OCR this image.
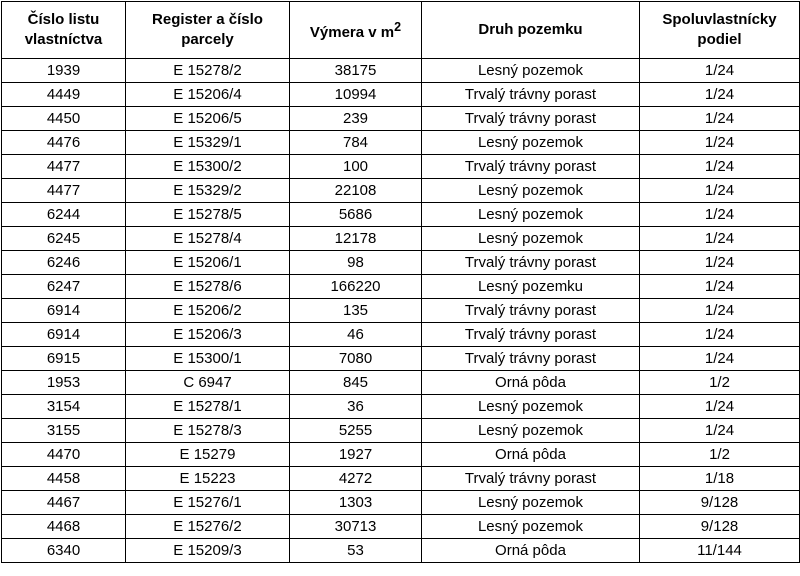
Číslo listu vlastníctva	Register a číslo parcely	Výmera v $m^2$	Druh pozemku	Spoluvlastnícky podiel
1939	E 15278/2	38175	Lesný pozemok	1/24
4449	E 15206/4	10994	Trvalý trávny porast	1/24
4450	E 15206/5	239	Trvalý trávny porast	1/24
4476	E 15329/1	784	Lesný pozemok	1/24
4477	E 15300/2	100	Trvalý trávny porast	1/24
4477	E 15329/2	22108	Lesný pozemok	1/24
6244	E 15278/5	5686	Lesný pozemok	1/24
6245	E 15278/4	12178	Lesný pozemok	1/24
6246	E 15206/1	98	Trvalý trávny porast	1/24
6247	E 15278/6	166220	Lesný pozemku	1/24
6914	E 15206/2	135	Trvalý trávny porast	1/24
6914	E 15206/3	46	Trvalý trávny porast	1/24
6915	E 15300/1	7080	Trvalý trávny porast	1/24
1953	C 6947	845	Orná pôda	1/2
3154	E 15278/1	36	Lesný pozemok	1/24
3155	E 15278/3	5255	Lesný pozemok	1/24
4470	E 15279	1927	Orná pôda	1/2
4458	E 15223	4272	Trvalý trávny porast	1/18
4467	E 15276/1	1303	Lesný pozemok	9/128
4468	E 15276/2	30713	Lesný pozemok	9/128
6340	E 15209/3	53	Orná pôda	11/144
